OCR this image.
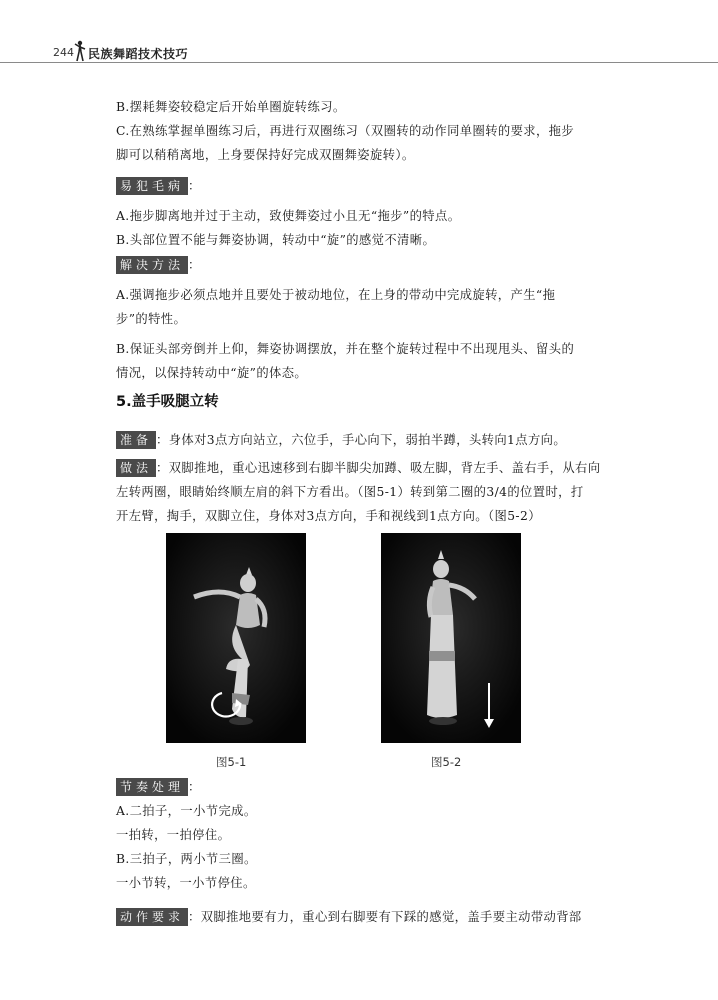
244 民族舞蹈技术技巧

B.摆耗舞姿较稳定后开始单圈旋转练习。

C.在熟练掌握单圈练习后，再进行双圈练习（双圈转的动作同单圈转的要求，拖步

脚可以稍稍离地，上身要保持好完成双圈舞姿旋转）。

易犯毛病 ：

A.拖步脚离地并过于主动，致使舞姿过小且无“拖步”的特点。

B.头部位置不能与舞姿协调，转动中“旋”的感觉不清晰。

解决方法 ：

A.强调拖步必须点地并且要处于被动地位，在上身的带动中完成旋转，产生“拖

步”的特性。

B.保证头部旁倒并上仰，舞姿协调摆放，并在整个旋转过程中不出现甩头、留头的

情况，以保持转动中“旋”的体态。

5.盖手吸腿立转

准备 ：身体对3点方向站立，六位手，手心向下，弱拍半蹲，头转向1点方向。

做法 ：双脚推地，重心迅速移到右脚半脚尖加蹲、吸左脚，背左手、盖右手，从右向

左转两圈，眼睛始终顺左肩的斜下方看出。（图5-1）转到第二圈的3/4的位置时，打

开左臂，掏手，双脚立住，身体对3点方向，手和视线到1点方向。（图5-2）

图5-1	图5-2

节奏处理 ：

A.二拍子，一小节完成。

一拍转，一拍停住。

B.三拍子，两小节三圈。

一小节转，一小节停住。

动作要求 ：双脚推地要有力，重心到右脚要有下踩的感觉，盖手要主动带动背部
